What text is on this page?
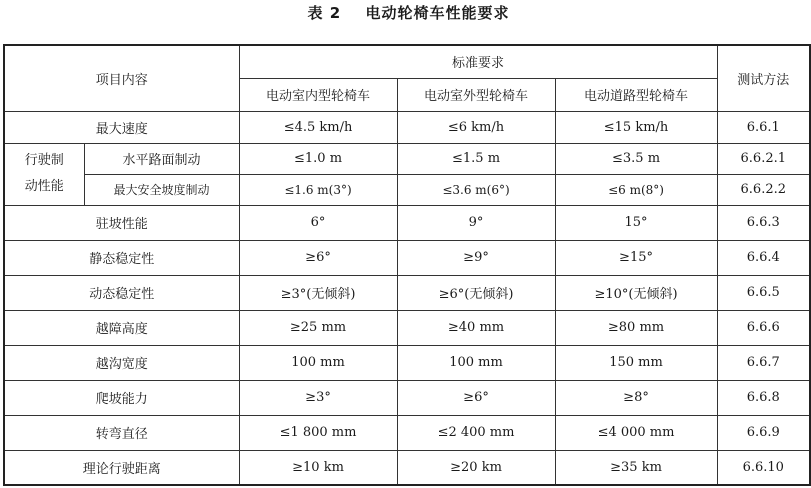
表 2 电动轮椅车性能要求
项目内容		标准要求			测试方法
		电动室内型轮椅车	电动室外型轮椅车	电动道路型轮椅车	
最大速度		≤4.5 km/h	≤6 km/h	≤15 km/h	6.6.1

行驶制
动性能	水平路面制动	≤1.0 m	≤1.5 m	≤3.5 m	6.6.2.1
	最大安全坡度制动	≤1.6 m(3°)	≤3.6 m(6°)	≤6 m(8°)	6.6.2.2
驻坡性能		6°	9°	15°	6.6.3
静态稳定性		≥6°	≥9°	≥15°	6.6.4
动态稳定性		≥3°(无倾斜)	≥6°(无倾斜)	≥10°(无倾斜)	6.6.5
越障高度		≥25 mm	≥40 mm	≥80 mm	6.6.6
越沟宽度		100 mm	100 mm	150 mm	6.6.7
爬坡能力		≥3°	≥6°	≥8°	6.6.8
转弯直径		≤1 800 mm	≤2 400 mm	≤4 000 mm	6.6.9
理论行驶距离		≥10 km	≥20 km	≥35 km	6.6.10
